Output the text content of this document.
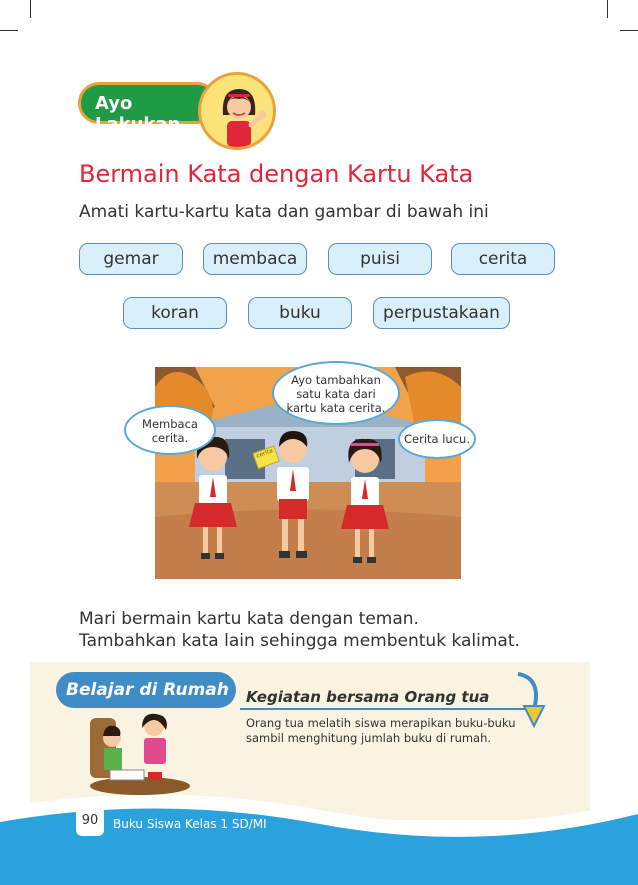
Ayo Lakukan
Bermain Kata dengan Kartu Kata
Amati kartu-kartu kata dan gambar di bawah ini
gemar	membaca	puisi	cerita
koran	buku	perpustakaan
cerita
Membaca
cerita.
Ayo tambahkan
satu kata dari
kartu kata cerita.
Cerita lucu.
Mari bermain kartu kata dengan teman.
Tambahkan kata lain sehingga membentuk kalimat.
Belajar di Rumah	Kegiatan bersama Orang tua
Orang tua melatih siswa merapikan buku-buku
sambil menghitung jumlah buku di rumah.
90	Buku Siswa Kelas 1 SD/MI
